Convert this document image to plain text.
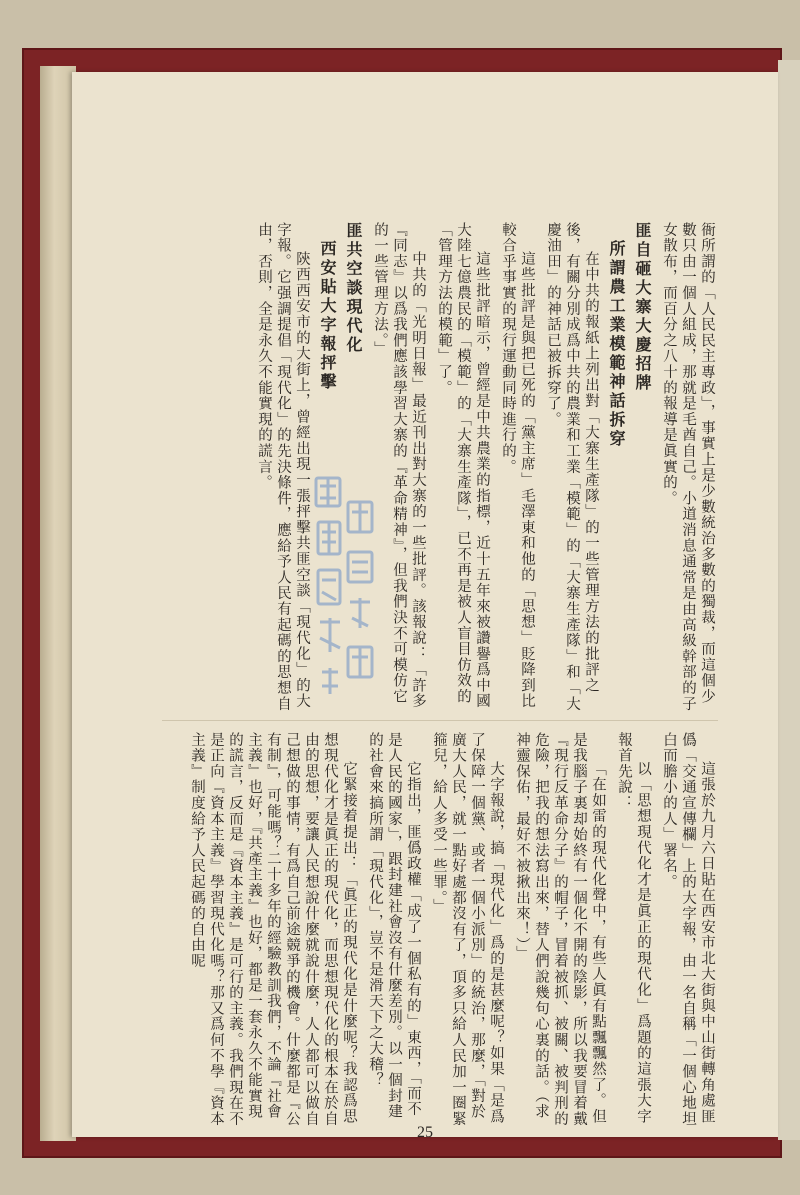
衙所謂的「人民民主專政」，事實上是少數統治多數的獨裁，而這個少數只由一個人組成，那就是毛酋自己。小道消息通常是由高級幹部的子女散布，而百分之八十的報導是眞實的。

匪自砸大寨大慶招牌

所謂農工業模範神話拆穿

在中共的報紙上列出對「大寨生產隊」的一些管理方法的批評之後，有關分別成爲中共的農業和工業「模範」的「大寨生產隊」和「大慶油田」的神話已被拆穿了。

這些批評是與把已死的「黨主席」毛澤東和他的「思想」貶降到比較合乎事實的現行運動同時進行的。

這些批評暗示，曾經是中共農業的指標，近十五年來被讚譽爲中國大陸七億農民的「模範」的「大寨生產隊」，已不再是被人盲目仿效的「管理方法的模範」了。

中共的「光明日報」最近刊出對大寨的一些批評。該報說：「許多『同志』以爲我們應該學習大寨的『革命精神』，但我們決不可模仿它的一些管理方法。」

匪共空談現代化

西安貼大字報抨擊

陝西西安市的大街上，曾經出現一張抨擊共匪空談「現代化」的大字報。它强調提倡「現代化」的先決條件，應給予人民有起碼的思想自由，否則，全是永久不能實現的謊言。

這張於九月六日貼在西安市北大街與中山街轉角處匪僞「交通宣傳欄」上的大字報，由一名自稱「一個心地坦白而膽小的人」署名。

以「思想現代化才是眞正的現代化」爲題的這張大字報首先說：

「在如雷的現代化聲中，有些人眞有點飄飄然了。但是我腦子裏却始終有一個化不開的陰影，所以我要冒着戴『現行反革命分子』的帽子，冒着被抓、被關、被判刑的危險，把我的想法寫出來，替人們說幾句心裏的話。（求神靈保佑，最好不被揪出來！）」

大字報說，搞「現代化」爲的是甚麼呢？如果「是爲了保障一個黨、或者一個小派別」的統治，那麼，「對於廣大人民，就一點好處都沒有了，頂多只給人民加一圈緊箍兒，給人多受一些罪。」

它指出，匪僞政權「成了一個私有的」東西，「而不是人民的國家」，跟封建社會沒有什麼差別。以一個封建的社會來搞所謂「現代化」，豈不是滑天下之大稽？

它緊接着提出：「眞正的現代化是什麼呢？我認爲思想現代化才是眞正的現代化，而思想現代化的根本在於自由的思想，要讓人民想說什麼就說什麼，人人都可以做自己想做的事情，有爲自己前途競爭的機會。什麼都是『公有制』，可能嗎？二十多年的經驗教訓我們，不論『社會主義』也好，『共產主義』也好，都是一套永久不能實現的謊言，反而是『資本主義』是可行的主義。我們現在不是正向『資本主義』學習現代化嗎？那又爲何不學『資本主義』制度給予人民起碼的自由呢

25
